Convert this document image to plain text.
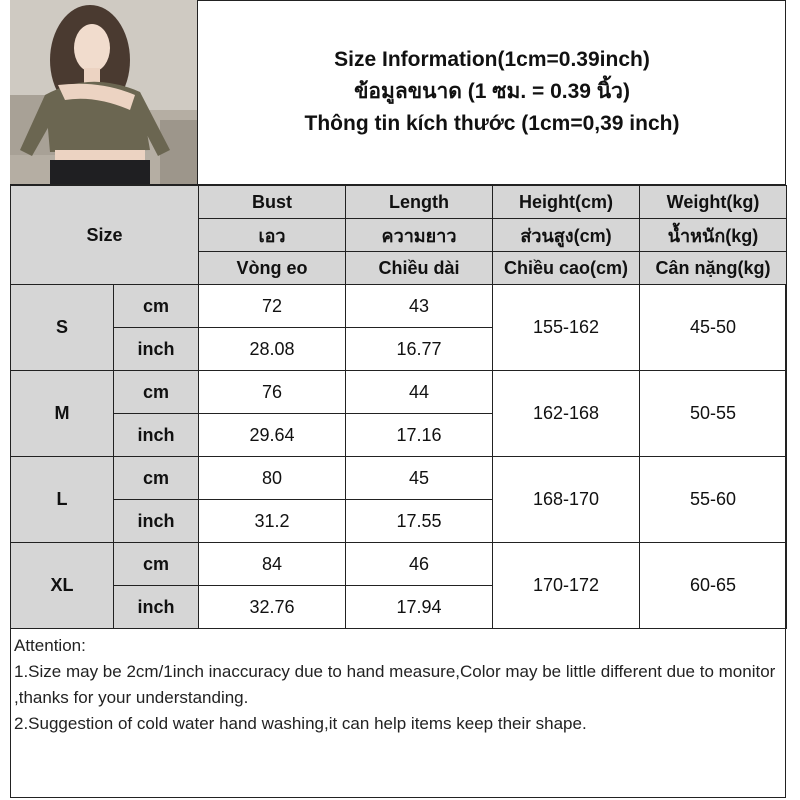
Size Information(1cm=0.39inch)
ข้อมูลขนาด (1 ซม. = 0.39 นิ้ว)
Thông tin kích thước (1cm=0,39 inch)
Size		Bust	Length	Height(cm)	Weight(kg)
		เอว	ความยาว	ส่วนสูง(cm)	น้ำหนัก(kg)
		Vòng eo	Chiều dài	Chiều cao(cm)	Cân nặng(kg)
S	cm	72	43	155-162	45-50
	inch	28.08	16.77		
M	cm	76	44	162-168	50-55
	inch	29.64	17.16		
L	cm	80	45	168-170	55-60
	inch	31.2	17.55		
XL	cm	84	46	170-172	60-65
	inch	32.76	17.94		
Attention:
1.Size may be 2cm/1inch inaccuracy due to hand measure,Color may be little different due to monitor ,thanks for your understanding.
2.Suggestion of cold water hand washing,it can help items keep their shape.
